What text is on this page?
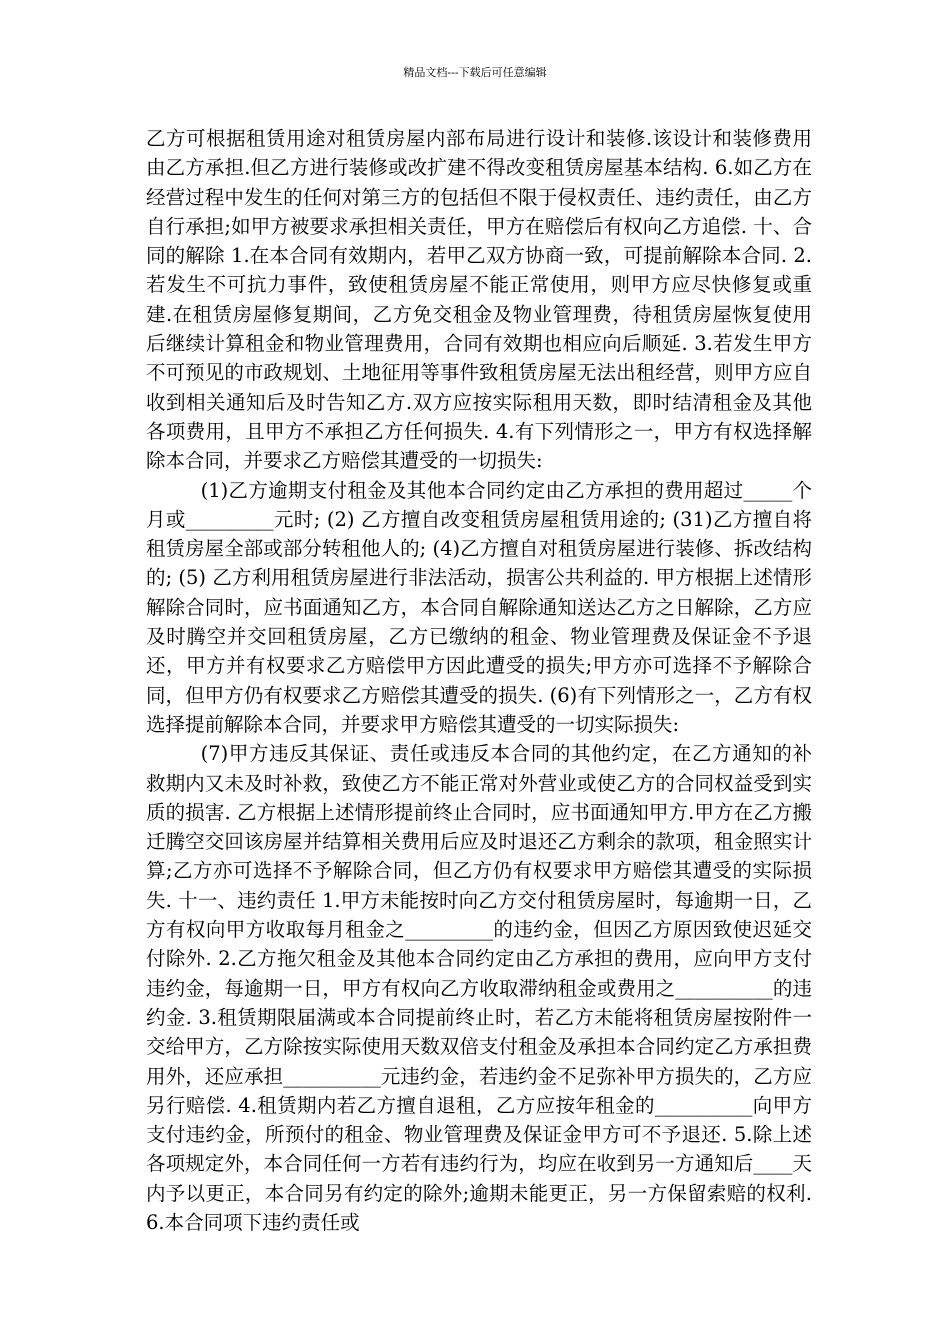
精品文档---下载后可任意编辑

乙方可根据租赁用途对租赁房屋内部布局进行设计和装修.该设计和装修费用由乙方承担.但乙方进行装修或改扩建不得改变租赁房屋基本结构. 6.如乙方在经营过程中发生的任何对第三方的包括但不限于侵权责任、违约责任，由乙方自行承担;如甲方被要求承担相关责任，甲方在赔偿后有权向乙方追偿. 十、合同的解除 1.在本合同有效期内，若甲乙双方协商一致，可提前解除本合同. 2.若发生不可抗力事件，致使租赁房屋不能正常使用，则甲方应尽快修复或重建.在租赁房屋修复期间，乙方免交租金及物业管理费，待租赁房屋恢复使用后继续计算租金和物业管理费用，合同有效期也相应向后顺延. 3.若发生甲方不可预见的市政规划、土地征用等事件致租赁房屋无法出租经营，则甲方应自收到相关通知后及时告知乙方.双方应按实际租用天数，即时结清租金及其他各项费用，且甲方不承担乙方任何损失. 4.有下列情形之一，甲方有权选择解除本合同，并要求乙方赔偿其遭受的一切损失:

(1)乙方逾期支付租金及其他本合同约定由乙方承担的费用超过_____个月或_________元时; (2) 乙方擅自改变租赁房屋租赁用途的; (31)乙方擅自将租赁房屋全部或部分转租他人的; (4)乙方擅自对租赁房屋进行装修、拆改结构的; (5) 乙方利用租赁房屋进行非法活动，损害公共利益的. 甲方根据上述情形解除合同时，应书面通知乙方，本合同自解除通知送达乙方之日解除，乙方应及时腾空并交回租赁房屋，乙方已缴纳的租金、物业管理费及保证金不予退还，甲方并有权要求乙方赔偿甲方因此遭受的损失;甲方亦可选择不予解除合同，但甲方仍有权要求乙方赔偿其遭受的损失. (6)有下列情形之一，乙方有权选择提前解除本合同，并要求甲方赔偿其遭受的一切实际损失:

(7)甲方违反其保证、责任或违反本合同的其他约定，在乙方通知的补救期内又未及时补救，致使乙方不能正常对外营业或使乙方的合同权益受到实质的损害. 乙方根据上述情形提前终止合同时，应书面通知甲方.甲方在乙方搬迁腾空交回该房屋并结算相关费用后应及时退还乙方剩余的款项，租金照实计算;乙方亦可选择不予解除合同，但乙方仍有权要求甲方赔偿其遭受的实际损失. 十一、违约责任 1.甲方未能按时向乙方交付租赁房屋时，每逾期一日，乙方有权向甲方收取每月租金之_________的违约金，但因乙方原因致使迟延交付除外. 2.乙方拖欠租金及其他本合同约定由乙方承担的费用，应向甲方支付违约金，每逾期一日，甲方有权向乙方收取滞纳租金或费用之__________的违约金. 3.租赁期限届满或本合同提前终止时，若乙方未能将租赁房屋按附件一交给甲方，乙方除按实际使用天数双倍支付租金及承担本合同约定乙方承担费用外，还应承担__________元违约金，若违约金不足弥补甲方损失的，乙方应另行赔偿. 4.租赁期内若乙方擅自退租，乙方应按年租金的__________向甲方支付违约金，所预付的租金、物业管理费及保证金甲方可不予退还. 5.除上述各项规定外，本合同任何一方若有违约行为，均应在收到另一方通知后____天内予以更正，本合同另有约定的除外;逾期未能更正，另一方保留索赔的权利. 6.本合同项下违约责任或
